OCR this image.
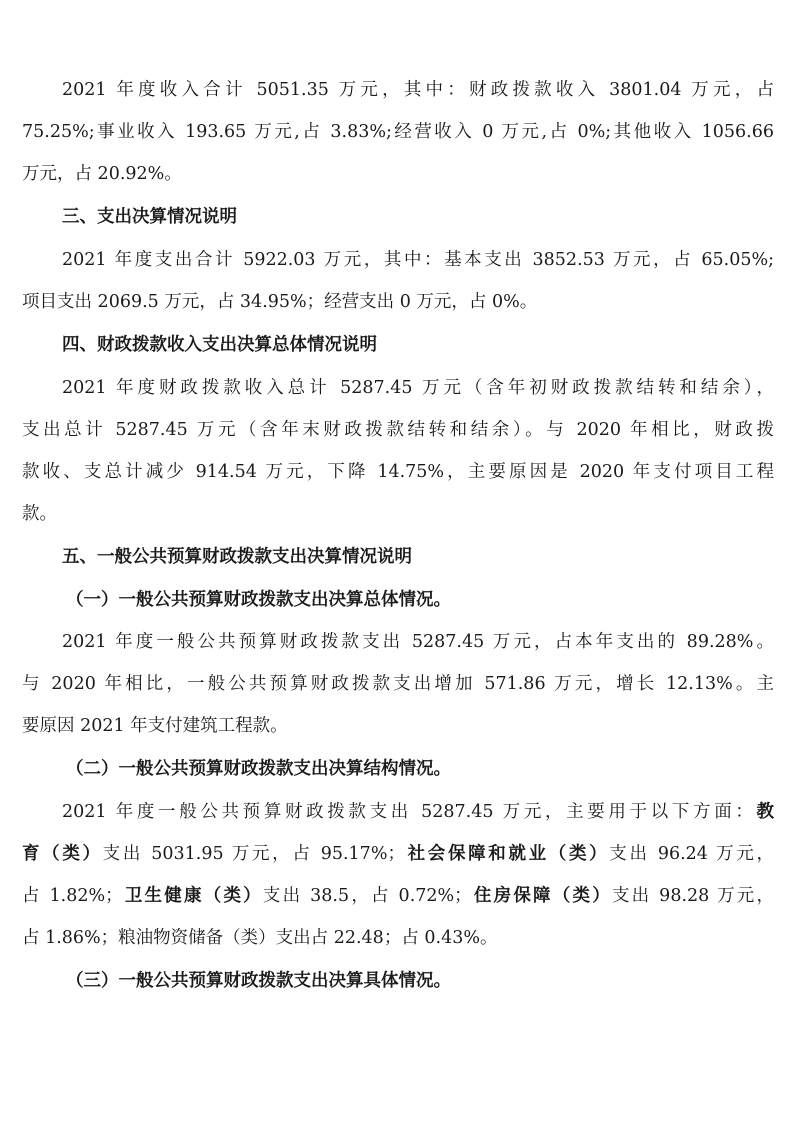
2021 年度收入合计 5051.35 万元，其中：财政拨款收入 3801.04 万元，占
75.25%;事业收入 193.65 万元,占 3.83%;经营收入 0 万元,占 0%;其他收入 1056.66
万元，占 20.92%。
三、支出决算情况说明
2021 年度支出合计 5922.03 万元，其中：基本支出 3852.53 万元，占 65.05%;
项目支出 2069.5 万元，占 34.95%；经营支出 0 万元，占 0%。
四、财政拨款收入支出决算总体情况说明
2021 年度财政拨款收入总计 5287.45 万元（含年初财政拨款结转和结余），
支出总计 5287.45 万元（含年末财政拨款结转和结余）。与 2020 年相比，财政拨
款收、支总计减少 914.54 万元，下降 14.75%，主要原因是 2020 年支付项目工程
款。
五、一般公共预算财政拨款支出决算情况说明
（一）一般公共预算财政拨款支出决算总体情况。
2021 年度一般公共预算财政拨款支出 5287.45 万元，占本年支出的 89.28%。
与 2020 年相比，一般公共预算财政拨款支出增加 571.86 万元，增长 12.13%。主
要原因 2021 年支付建筑工程款。
（二）一般公共预算财政拨款支出决算结构情况。
2021 年度一般公共预算财政拨款支出 5287.45 万元，主要用于以下方面：教
育（类）支出 5031.95 万元，占 95.17%；社会保障和就业（类）支出 96.24 万元，
占 1.82%；卫生健康（类）支出 38.5，占 0.72%；住房保障（类）支出 98.28 万元，
占 1.86%；粮油物资储备（类）支出占 22.48；占 0.43%。
（三）一般公共预算财政拨款支出决算具体情况。
